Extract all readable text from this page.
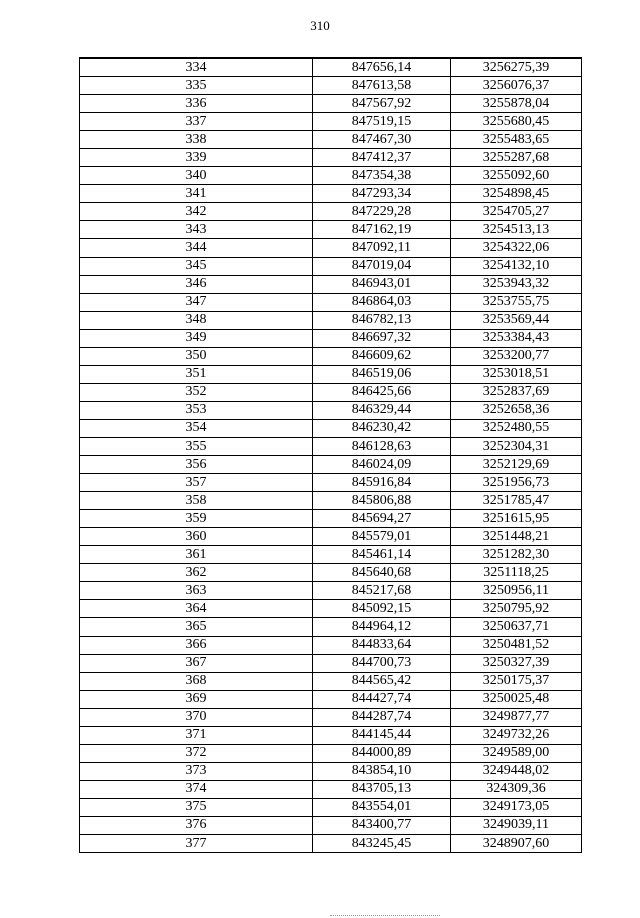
310
334	847656,14	3256275,39
335	847613,58	3256076,37
336	847567,92	3255878,04
337	847519,15	3255680,45
338	847467,30	3255483,65
339	847412,37	3255287,68
340	847354,38	3255092,60
341	847293,34	3254898,45
342	847229,28	3254705,27
343	847162,19	3254513,13
344	847092,11	3254322,06
345	847019,04	3254132,10
346	846943,01	3253943,32
347	846864,03	3253755,75
348	846782,13	3253569,44
349	846697,32	3253384,43
350	846609,62	3253200,77
351	846519,06	3253018,51
352	846425,66	3252837,69
353	846329,44	3252658,36
354	846230,42	3252480,55
355	846128,63	3252304,31
356	846024,09	3252129,69
357	845916,84	3251956,73
358	845806,88	3251785,47
359	845694,27	3251615,95
360	845579,01	3251448,21
361	845461,14	3251282,30
362	845640,68	3251118,25
363	845217,68	3250956,11
364	845092,15	3250795,92
365	844964,12	3250637,71
366	844833,64	3250481,52
367	844700,73	3250327,39
368	844565,42	3250175,37
369	844427,74	3250025,48
370	844287,74	3249877,77
371	844145,44	3249732,26
372	844000,89	3249589,00
373	843854,10	3249448,02
374	843705,13	324309,36
375	843554,01	3249173,05
376	843400,77	3249039,11
377	843245,45	3248907,60
